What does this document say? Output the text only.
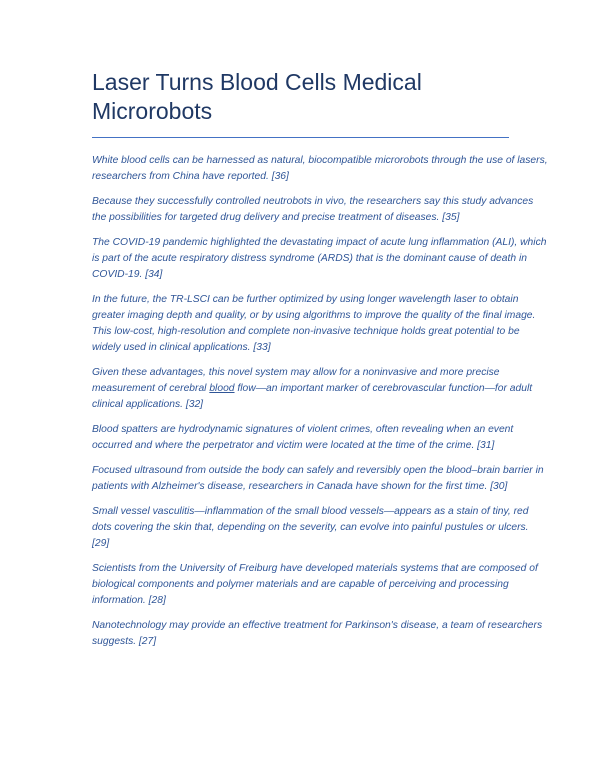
Laser Turns Blood Cells Medical Microrobots

White blood cells can be harnessed as natural, biocompatible microrobots through the use of lasers, researchers from China have reported. [36]

Because they successfully controlled neutrobots in vivo, the researchers say this study advances the possibilities for targeted drug delivery and precise treatment of diseases. [35]

The COVID-19 pandemic highlighted the devastating impact of acute lung inflammation (ALI), which is part of the acute respiratory distress syndrome (ARDS) that is the dominant cause of death in COVID-19. [34]

In the future, the TR-LSCI can be further optimized by using longer wavelength laser to obtain greater imaging depth and quality, or by using algorithms to improve the quality of the final image. This low-cost, high-resolution and complete non-invasive technique holds great potential to be widely used in clinical applications. [33]

Given these advantages, this novel system may allow for a noninvasive and more precise measurement of cerebral blood flow—an important marker of cerebrovascular function—for adult clinical applications. [32]

Blood spatters are hydrodynamic signatures of violent crimes, often revealing when an event occurred and where the perpetrator and victim were located at the time of the crime. [31]

Focused ultrasound from outside the body can safely and reversibly open the blood–brain barrier in patients with Alzheimer's disease, researchers in Canada have shown for the first time. [30]

Small vessel vasculitis—inflammation of the small blood vessels—appears as a stain of tiny, red dots covering the skin that, depending on the severity, can evolve into painful pustules or ulcers. [29]

Scientists from the University of Freiburg have developed materials systems that are composed of biological components and polymer materials and are capable of perceiving and processing information. [28]

Nanotechnology may provide an effective treatment for Parkinson's disease, a team of researchers suggests. [27]
